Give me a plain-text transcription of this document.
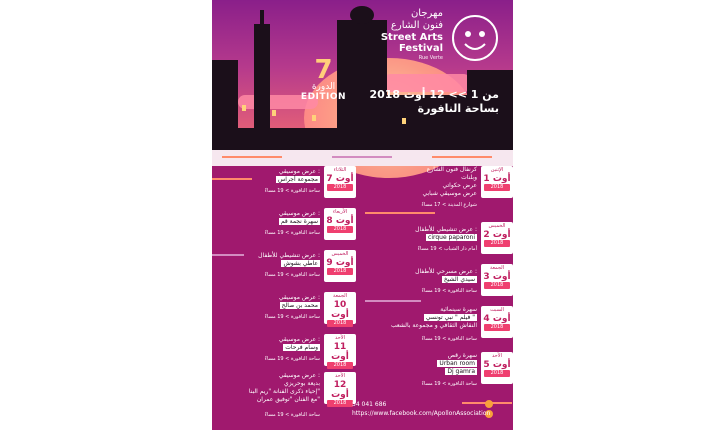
مهرجان
فنون الشارع
Street Arts
Festival
Rue Verte
7
الدورة
EDITION	من 1 >> 12 أوت 2018
بساحة النافورة
الإثنين
1 أوت
2018
كرنفال فنون الشارع
وبلنات
عرض حكواتي
عرض موسيقي شبابي
شوارع المدينة > 17 مساءً
الخميس
2 أوت
2018
عرض تنشيطي للأطفال :
cirque paparoni
أمام دار الشباب > 19 مساءً
الجمعة
3 أوت
2018
عرض مسرحي للأطفال :
سيدي الشيخ
ساحة النافورة > 19 مساءً
السبت
4 أوت
2018
سهرة سينمائية
فيلم " نبي تونسي "
النقاش الثقافي و مجموعة بالشعب
ساحة النافورة > 19 مساءً
الأحد
5 أوت
2018
سهرة رقص
Urban room
Dj gamra
ساحة النافورة > 19 مساءً
الثلاثاء
7 أوت
2018
عرض موسيقي :
مجموعة أجراس
ساحة النافورة > 19 مساءً
الأربعاء
8 أوت
2018
عرض موسيقي :
سهرة نجمة قم
ساحة النافورة > 19 مساءً
الخميس
9 أوت
2018
عرض تنشيطي للأطفال :
عاطي بشوش
ساحة النافورة > 19 مساءً
الجمعة
10 أوت
2018
عرض موسيقي :
محمد بن صالح
ساحة النافورة > 19 مساءً
الأحد
11 أوت
2018
عرض موسيقي :
وسام فرحات
ساحة النافورة > 19 مساءً
الأحد
12 أوت
2018
عرض موسيقي :
بديعة بوحريزي
إحياء ذكرى الفنانة "ريم البنا"
مع الفنان "توفيق عمران"
ساحة النافورة > 19 مساءً
54 041 686
https://www.facebook.com/ApollonAssociation
